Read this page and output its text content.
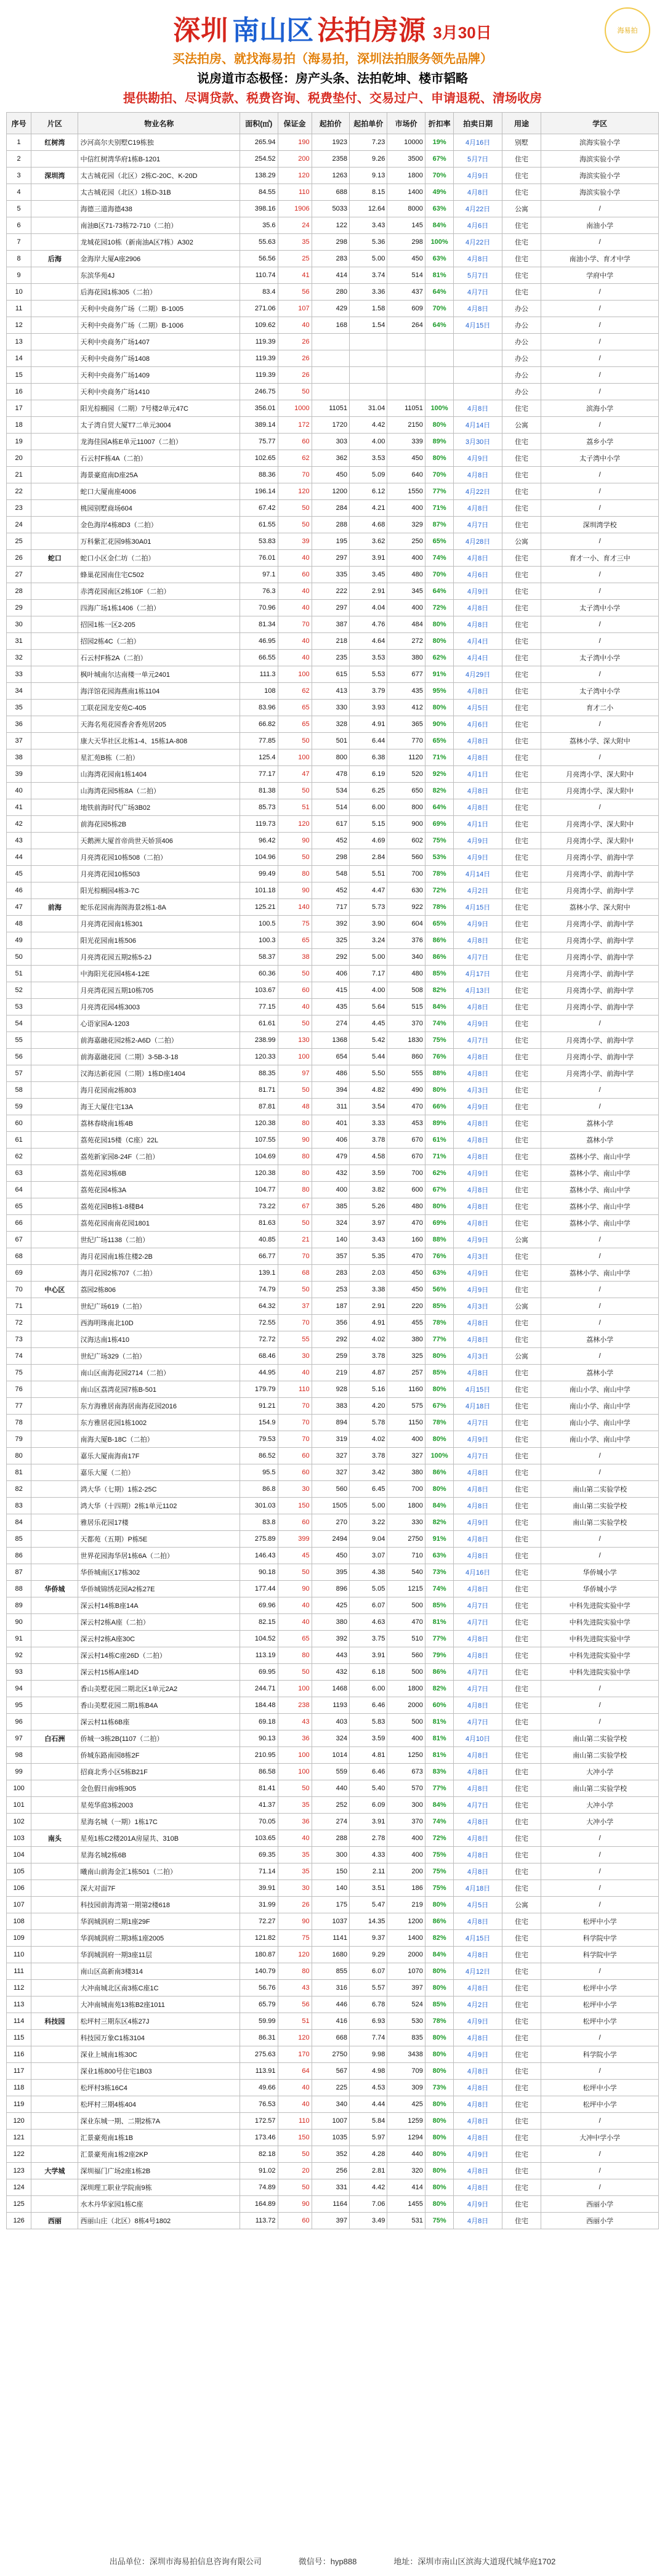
海易拍
深圳 南山区 法拍房源 3月30日
买法拍房、就找海易拍（海易拍，深圳法拍服务领先品牌）
说房道市态极怪：房产头条、法拍乾坤、楼市韬略
提供勘拍、尽调贷款、税费咨询、税费垫付、交易过户、申请退税、清场收房
序号	片区	物业名称	面积(㎡)	保证金	起拍价	起拍单价	市场价	折扣率	拍卖日期	用途	学区
1	红树湾	沙河高尔夫别墅C19栋独	265.94	190	1923	7.23	10000	19%	4月16日	别墅	滨海实验小学
2		中信红树湾华府1栋B-1201	254.52	200	2358	9.26	3500	67%	5月7日	住宅	海滨实验小学
3	深圳湾	太古城花园（北区）2栋C-20C、K-20D	138.29	120	1263	9.13	1800	70%	4月9日	住宅	海滨实验小学
4		太古城花园（北区）1栋D-31B	84.55	110	688	8.15	1400	49%	4月8日	住宅	海滨实验小学
5		海德三道海德438	398.16	1906	5033	12.64	8000	63%	4月22日	公寓	/
6		南油B区71-73栋72-710（二拍）	35.6	24	122	3.43	145	84%	4月6日	住宅	南油小学
7		龙城花园10栋（新南油A区7栋）A302	55.63	35	298	5.36	298	100%	4月22日	住宅	/
8	后海	金海岸大厦A座2906	56.56	25	283	5.00	450	63%	4月8日	住宅	南油小学、育才中学
9		东滨华苑4J	110.74	41	414	3.74	514	81%	5月7日	住宅	学府中学
10		后海花园1栋305（二拍）	83.4	56	280	3.36	437	64%	4月7日	住宅	/
11		天利中央商务广场（二期）B-1005	271.06	107	429	1.58	609	70%	4月8日	办公	/
12		天利中央商务广场（二期）B-1006	109.62	40	168	1.54	264	64%	4月15日	办公	/
13		天利中央商务广场1407	119.39	26						办公	/
14		天利中央商务广场1408	119.39	26						办公	/
15		天利中央商务广场1409	119.39	26						办公	/
16		天利中央商务广场1410	246.75	50						办公	/
17		阳光棕榈园（二期）7号楼2单元47C	356.01	1000	11051	31.04	11051	100%	4月8日	住宅	滨海小学
18		太子湾自贸大厦T7二单元3004	389.14	172	1720	4.42	2150	80%	4月14日	公寓	/
19		龙海佳园A栋E单元11007（二拍）	75.77	60	303	4.00	339	89%	3月30日	住宅	荔乡小学
20		石云村F栋4A（二拍）	102.65	62	362	3.53	450	80%	4月9日	住宅	太子湾中小学
21		海景豪庭南D座25A	88.36	70	450	5.09	640	70%	4月8日	住宅	/
22		蛇口大厦南座4006	196.14	120	1200	6.12	1550	77%	4月22日	住宅	/
23		桃园别墅商场604	67.42	50	284	4.21	400	71%	4月8日	住宅	/
24		金色海岸4栋8D3（二拍）	61.55	50	288	4.68	329	87%	4月7日	住宅	深圳湾学校
25		万科紫汇花园9栋30A01	53.83	39	195	3.62	250	65%	4月28日	公寓	/
26	蛇口	蛇口小区金仁坊（二拍）	76.01	40	297	3.91	400	74%	4月8日	住宅	育才一小、育才三中
27		蜂巢花园南住宅C502	97.1	60	335	3.45	480	70%	4月6日	住宅	/
28		赤湾花园南区2栋10F（二拍）	76.3	40	222	2.91	345	64%	4月9日	住宅	/
29		四海广场1栋1406（二拍）	70.96	40	297	4.04	400	72%	4月8日	住宅	太子湾中小学
30		招园1栋一区2-205	81.34	70	387	4.76	484	80%	4月8日	住宅	/
31		招园2栋4C（二拍）	46.95	40	218	4.64	272	80%	4月4日	住宅	/
32		石云村F栋2A（二拍）	66.55	40	235	3.53	380	62%	4月4日	住宅	太子湾中小学
33		枫叶城南尔达南楼一单元2401	111.3	100	615	5.53	677	91%	4月29日	住宅	/
34		海洋馆花园海燕南1栋1104	108	62	413	3.79	435	95%	4月8日	住宅	太子湾中小学
35		工联花园龙安苑C-405	83.96	65	330	3.93	412	80%	4月5日	住宅	育才二小
36		天海名苑花园香舍香苑居205	66.82	65	328	4.91	365	90%	4月6日	住宅	/
37		康大天华社区北栋1-4、15栋1A-808	77.85	50	501	6.44	770	65%	4月8日	住宅	荔林小学、深大附中
38		星汇苑B栋（二拍）	125.4	100	800	6.38	1120	71%	4月8日	住宅	/
39		山海湾花园南1栋1404	77.17	47	478	6.19	520	92%	4月1日	住宅	月亮湾小学、深大附中
40		山海湾花园5栋8A（二拍）	81.38	50	534	6.25	650	82%	4月8日	住宅	月亮湾小学、深大附中
41		地铁前海时代广场3B02	85.73	51	514	6.00	800	64%	4月8日	住宅	/
42		前海花园5栋2B	119.73	120	617	5.15	900	69%	4月1日	住宅	月亮湾小学、深大附中
43		天鹅洲大厦首帝尚世天娇顶406	96.42	90	452	4.69	602	75%	4月9日	住宅	月亮湾小学、深大附中
44		月亮湾花园10栋508（二拍）	104.96	50	298	2.84	560	53%	4月9日	住宅	月亮湾小学、前海中学
45		月亮湾花园10栋503	99.49	80	548	5.51	700	78%	4月14日	住宅	月亮湾小学、前海中学
46		阳光棕榈园4栋3-7C	101.18	90	452	4.47	630	72%	4月2日	住宅	月亮湾小学、前海中学
47	前海	蛇乐花园南海阁海景2栋1-8A	125.21	140	717	5.73	922	78%	4月15日	住宅	荔林小学、深大附中
48		月亮湾花园南1栋301	100.5	75	392	3.90	604	65%	4月9日	住宅	月亮湾小学、前海中学
49		阳光花园南1栋506	100.3	65	325	3.24	376	86%	4月8日	住宅	月亮湾小学、前海中学
50		月亮湾花园五期2栋5-2J	58.37	38	292	5.00	340	86%	4月7日	住宅	月亮湾小学、前海中学
51		中海阳光花园4栋4-12E	60.36	50	406	7.17	480	85%	4月17日	住宅	月亮湾小学、前海中学
52		月亮湾花园五期10栋705	103.67	60	415	4.00	508	82%	4月13日	住宅	月亮湾小学、前海中学
53		月亮湾花园4栋3003	77.15	40	435	5.64	515	84%	4月8日	住宅	月亮湾小学、前海中学
54		心语家园A-1203	61.61	50	274	4.45	370	74%	4月9日	住宅	/
55		前海嘉融花园2栋2-A6D（二拍）	238.99	130	1368	5.42	1830	75%	4月7日	住宅	月亮湾小学、前海中学
56		前海嘉融花园（二期）3-5B-3-18	120.33	100	654	5.44	860	76%	4月8日	住宅	月亮湾小学、前海中学
57		汉海达新花园（二期）1栋D座1404	88.35	97	486	5.50	555	88%	4月8日	住宅	月亮湾小学、前海中学
58		海月花园南2栋803	81.71	50	394	4.82	490	80%	4月3日	住宅	/
59		海王大厦住宅13A	87.81	48	311	3.54	470	66%	4月9日	住宅	/
60		荔林春晓南1栋4B	120.38	80	401	3.33	453	89%	4月8日	住宅	荔林小学
61		荔苑花园15楼（C座）22L	107.55	90	406	3.78	670	61%	4月8日	住宅	荔林小学
62		荔苑新家园8-24F（二拍）	104.69	80	479	4.58	670	71%	4月8日	住宅	荔林小学、南山中学
63		荔苑花园3栋6B	120.38	80	432	3.59	700	62%	4月9日	住宅	荔林小学、南山中学
64		荔苑花园4栋3A	104.77	80	400	3.82	600	67%	4月8日	住宅	荔林小学、南山中学
65		荔苑花园B栋1-8楼B4	73.22	67	385	5.26	480	80%	4月8日	住宅	荔林小学、南山中学
66		荔苑花园南南花园1801	81.63	50	324	3.97	470	69%	4月8日	住宅	荔林小学、南山中学
67		世纪广场1138（二拍）	40.85	21	140	3.43	160	88%	4月9日	公寓	/
68		海月花园南1栋住楼2-2B	66.77	70	357	5.35	470	76%	4月3日	住宅	/
69		海月花园2栋707（二拍）	139.1	68	283	2.03	450	63%	4月9日	住宅	荔林小学、南山中学
70	中心区	荔园2栋806	74.79	50	253	3.38	450	56%	4月9日	住宅	/
71		世纪广场619（二拍）	64.32	37	187	2.91	220	85%	4月3日	公寓	/
72		西海明珠南北10D	72.55	70	356	4.91	455	78%	4月8日	住宅	/
73		汉海达南1栋410	72.72	55	292	4.02	380	77%	4月8日	住宅	荔林小学
74		世纪广场329（二拍）	68.46	30	259	3.78	325	80%	4月3日	公寓	/
75		南山区南海花园2714（二拍）	44.95	40	219	4.87	257	85%	4月8日	住宅	荔林小学
76		南山区荔湾花园7栋B-501	179.79	110	928	5.16	1160	80%	4月15日	住宅	南山小学、南山中学
77		东方海雅居南海居南海花园2016	91.21	70	383	4.20	575	67%	4月18日	住宅	南山小学、南山中学
78		东方雅居花园1栋1002	154.9	70	894	5.78	1150	78%	4月7日	住宅	南山小学、南山中学
79		南海大厦B-18C（二拍）	79.53	70	319	4.02	400	80%	4月9日	住宅	南山小学、南山中学
80		嘉乐大厦南海南17F	86.52	60	327	3.78	327	100%	4月7日	住宅	/
81		嘉乐大厦（二拍）	95.5	60	327	3.42	380	86%	4月8日	住宅	/
82		鸿大华（七期）1栋2-25C	86.8	30	560	6.45	700	80%	4月8日	住宅	南山第二实验学校
83		鸿大华（十四期）2栋1单元1102	301.03	150	1505	5.00	1800	84%	4月8日	住宅	南山第二实验学校
84		雅居乐花园17楼	83.8	60	270	3.22	330	82%	4月9日	住宅	南山第二实验学校
85		天都苑（五期）P栋5E	275.89	399	2494	9.04	2750	91%	4月8日	住宅	/
86		世界花园海华居1栋6A（二拍）	146.43	45	450	3.07	710	63%	4月8日	住宅	/
87		华侨城南区17栋302	90.18	50	395	4.38	540	73%	4月16日	住宅	华侨城小学
88	华侨城	华侨城锦绣花园A2栋27E	177.44	90	896	5.05	1215	74%	4月8日	住宅	华侨城小学
89		深云村14栋B座14A	69.96	40	425	6.07	500	85%	4月7日	住宅	中科先进院实验中学
90		深云村2栋A座（二拍）	82.15	40	380	4.63	470	81%	4月7日	住宅	中科先进院实验中学
91		深云村2栋A座30C	104.52	65	392	3.75	510	77%	4月8日	住宅	中科先进院实验中学
92		深云村14栋C座26D（二拍）	113.19	80	443	3.91	560	79%	4月8日	住宅	中科先进院实验中学
93		深云村15栋A座14D	69.95	50	432	6.18	500	86%	4月7日	住宅	中科先进院实验中学
94		香山美墅花园二期北区1单元2A2	244.71	100	1468	6.00	1800	82%	4月7日	住宅	/
95		香山美墅花园二期1栋B4A	184.48	238	1193	6.46	2000	60%	4月8日	住宅	/
96		深云村11栋6B座	69.18	43	403	5.83	500	81%	4月7日	住宅	/
97	白石洲	侨城一3栋2B(1107（二拍）	90.13	36	324	3.59	400	81%	4月10日	住宅	南山第二实验学校
98		侨城东路南园8栋2F	210.95	100	1014	4.81	1250	81%	4月8日	住宅	南山第二实验学校
99		招商北秀小区5栋B21F	86.58	100	559	6.46	673	83%	4月8日	住宅	大冲小学
100		金色假日南9栋905	81.41	50	440	5.40	570	77%	4月8日	住宅	南山第二实验学校
101		星苑华庭3栋2003	41.37	35	252	6.09	300	84%	4月7日	住宅	大冲小学
102		星海名城（一期）1栋17C	70.05	36	274	3.91	370	74%	4月8日	住宅	大冲小学
103	南头	星苑1栋C2楼201A房屋共、310B	103.65	40	288	2.78	400	72%	4月8日	住宅	/
104		星海名城2栋6B	69.35	35	300	4.33	400	75%	4月8日	住宅	/
105		曦南山前海金汇1栋501（二拍）	71.14	35	150	2.11	200	75%	4月8日	住宅	/
106		深大对面7F	39.91	30	140	3.51	186	75%	4月18日	住宅	/
107		科技园前海湾第一期第2楼618	31.99	26	175	5.47	219	80%	4月5日	公寓	/
108		华润城润府二期1座29F	72.27	90	1037	14.35	1200	86%	4月8日	住宅	松坪中小学
109		华润城润府二期3栋1座2005	121.82	75	1141	9.37	1400	82%	4月15日	住宅	科学院中学
110		华润城润府一期3座11层	180.87	120	1680	9.29	2000	84%	4月8日	住宅	科学院中学
111		南山区高新南3楼314	140.79	80	855	6.07	1070	80%	4月12日	住宅	/
112		大冲南城北区南3栋C座1C	56.76	43	316	5.57	397	80%	4月8日	住宅	松坪中小学
113		大冲南城南苑13栋B2座1011	65.79	56	446	6.78	524	85%	4月2日	住宅	松坪中小学
114	科技园	松坪村三期东区4栋27J	59.99	51	416	6.93	530	78%	4月9日	住宅	松坪中小学
115		科技园万象C1栋3104	86.31	120	668	7.74	835	80%	4月8日	住宅	/
116		深业上城南1栋30C	275.63	170	2750	9.98	3438	80%	4月9日	住宅	科学院小学
117		深业1栋800号住宅1B03	113.91	64	567	4.98	709	80%	4月8日	住宅	/
118		松坪村3栋16C4	49.66	40	225	4.53	309	73%	4月8日	住宅	松坪中小学
119		松坪村三期4栋404	76.53	40	340	4.44	425	80%	4月8日	住宅	松坪中小学
120		深业东城一期、二期2栋7A	172.57	110	1007	5.84	1259	80%	4月8日	住宅	/
121		汇景豪苑南1栋1B	173.46	150	1035	5.97	1294	80%	4月8日	住宅	大冲中学小学
122		汇景豪苑南1栋2座2KP	82.18	50	352	4.28	440	80%	4月9日	住宅	/
123	大学城	深圳福门广场2座1栋2B	91.02	20	256	2.81	320	80%	4月8日	住宅	/
124		深圳理工职业学院南9栋	74.89	50	331	4.42	414	80%	4月8日	住宅	/
125		水木丹华家园1栋C座	164.89	90	1164	7.06	1455	80%	4月9日	住宅	西丽小学
126	西丽	西丽山庄（北区）8栋4号1802	113.72	60	397	3.49	531	75%	4月8日	住宅	西丽小学
出品单位：深圳市海易拍信息咨询有限公司	微信号：hyp888	地址：深圳市南山区滨海大道现代城华庭1702
